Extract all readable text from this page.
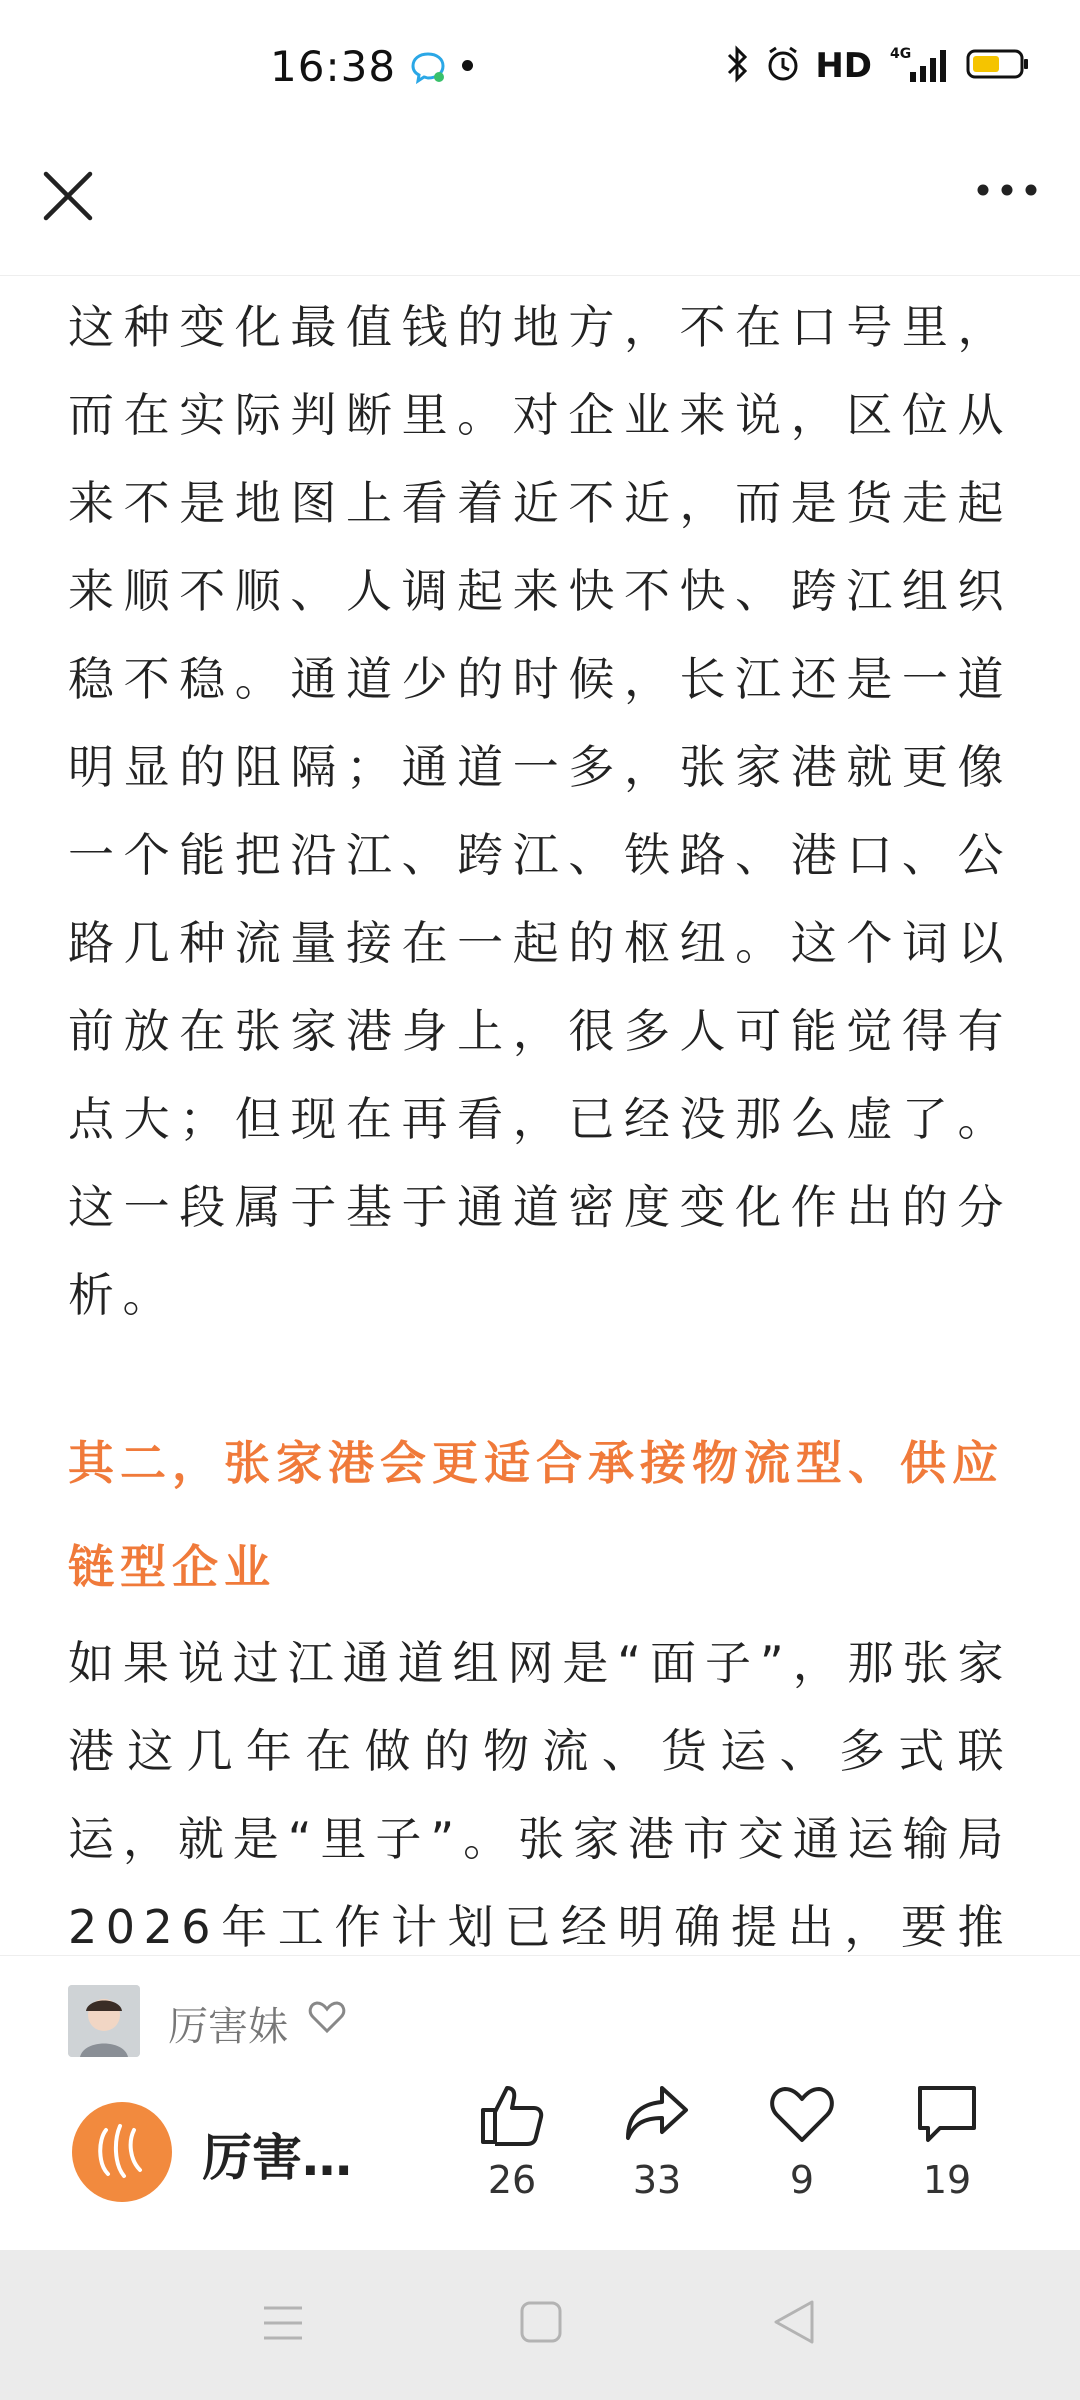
16:38	HD 4G

这种变化最值钱的地方，不在口号里，而在实际判断里。对企业来说，区位从来不是地图上看着近不近，而是货走起来顺不顺、人调起来快不快、跨江组织稳不稳。通道少的时候，长江还是一道明显的阻隔；通道一多，张家港就更像一个能把沿江、跨江、铁路、港口、公路几种流量接在一起的枢纽。这个词以前放在张家港身上，很多人可能觉得有点大；但现在再看，已经没那么虚了。这一段属于基于通道密度变化作出的分析。

其二，张家港会更适合承接物流型、供应链型企业

如果说过江通道组网是“面子”，那张家港这几年在做的物流、货运、多式联运，就是“里子”。张家港市交通运输局2026年工作计划已经明确提出，要推

厉害妹
厉害…	26	33	9	19
